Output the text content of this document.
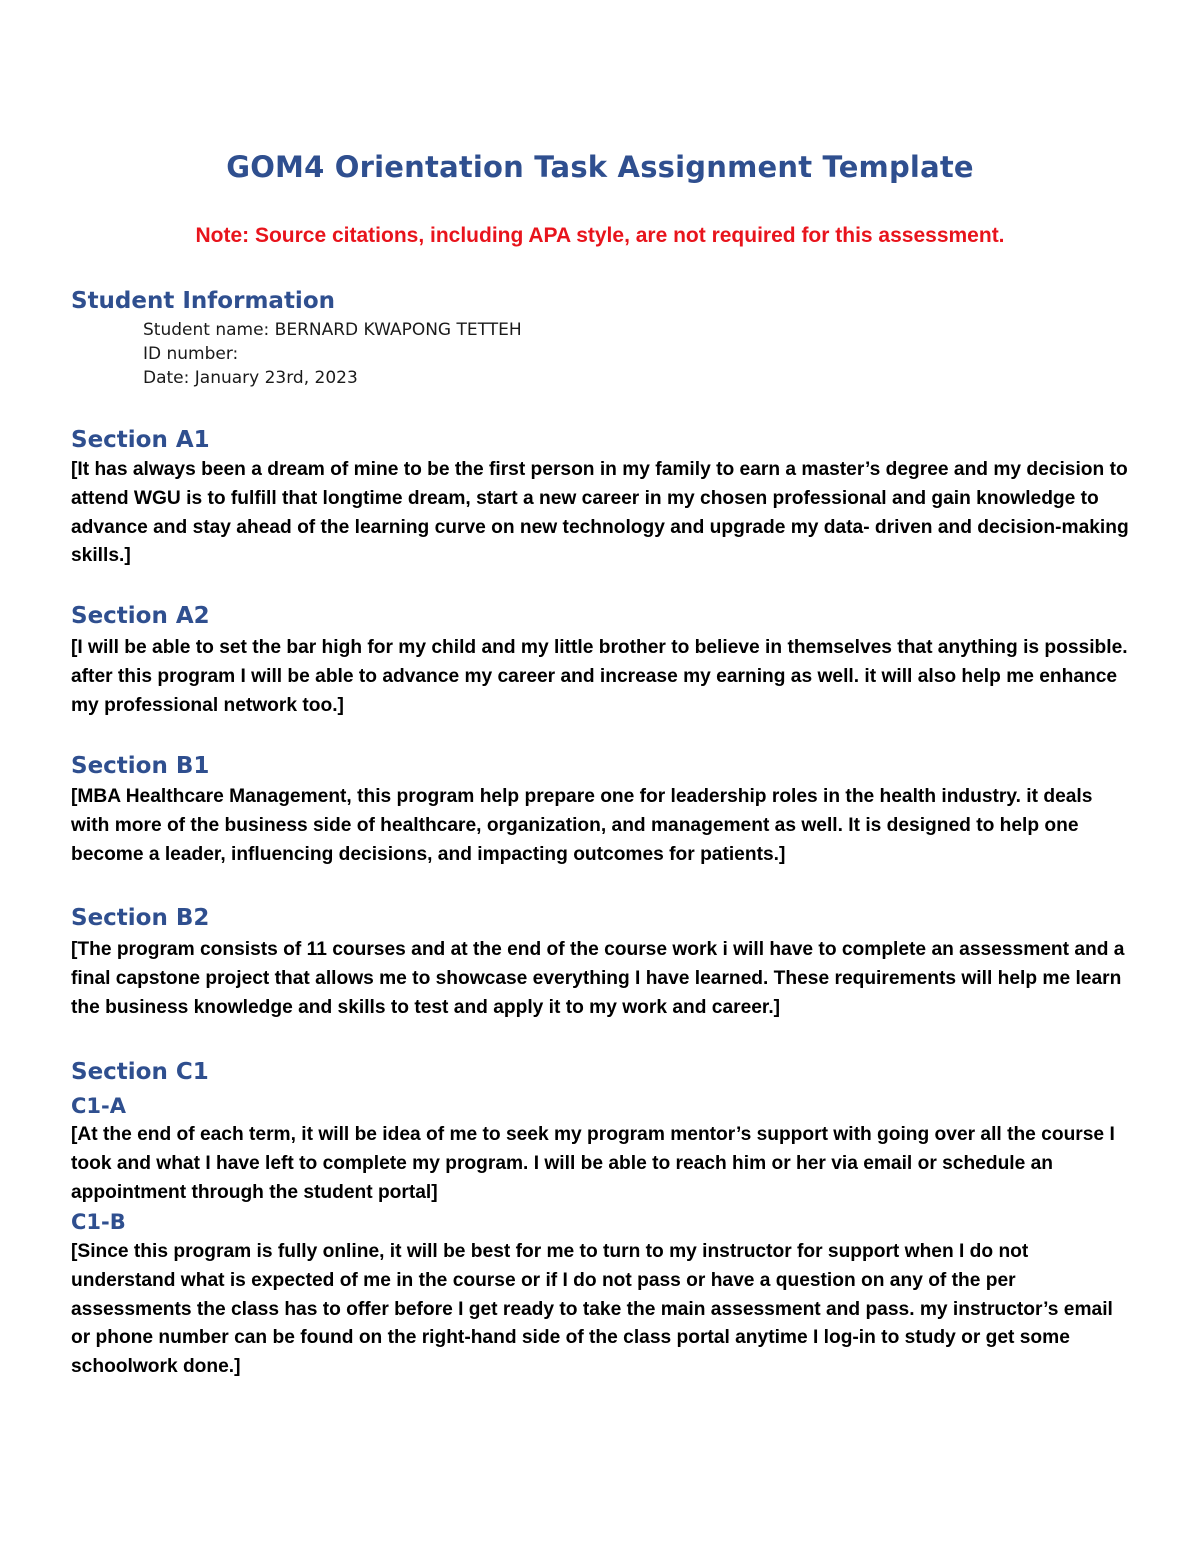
GOM4 Orientation Task Assignment Template

Note: Source citations, including APA style, are not required for this assessment.

Student Information

Student name: BERNARD KWAPONG TETTEH

ID number:

Date: January 23rd, 2023

Section A1

[It has always been a dream of mine to be the first person in my family to earn a master’s degree and my decision to attend WGU is to fulfill that longtime dream, start a new career in my chosen professional and gain knowledge to advance and stay ahead of the learning curve on new technology and upgrade my data- driven and decision-making skills.]

Section A2

[I will be able to set the bar high for my child and my little brother to believe in themselves that anything is possible. after this program I will be able to advance my career and increase my earning as well. it will also help me enhance my professional network too.]

Section B1

[MBA Healthcare Management, this program help prepare one for leadership roles in the health industry. it deals with more of the business side of healthcare, organization, and management as well. It is designed to help one become a leader, influencing decisions, and impacting outcomes for patients.]

Section B2

[The program consists of 11 courses and at the end of the course work i will have to complete an assessment and a final capstone project that allows me to showcase everything I have learned. These requirements will help me learn the business knowledge and skills to test and apply it to my work and career.]

Section C1
C1-A

[At the end of each term, it will be idea of me to seek my program mentor’s support with going over all the course I took and what I have left to complete my program. I will be able to reach him or her via email or schedule an appointment through the student portal]

C1-B

[Since this program is fully online, it will be best for me to turn to my instructor for support when I do not understand what is expected of me in the course or if I do not pass or have a question on any of the per assessments the class has to offer before I get ready to take the main assessment and pass. my instructor’s email or phone number can be found on the right-hand side of the class portal anytime I log-in to study or get some schoolwork done.]
